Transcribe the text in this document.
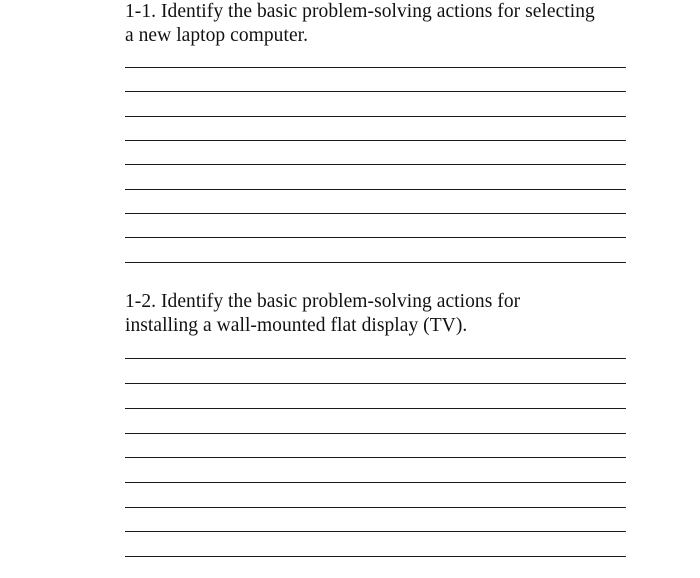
1-1. Identify the basic problem-solving actions for selecting
a new laptop computer.
1-2. Identify the basic problem-solving actions for
installing a wall-mounted flat display (TV).
